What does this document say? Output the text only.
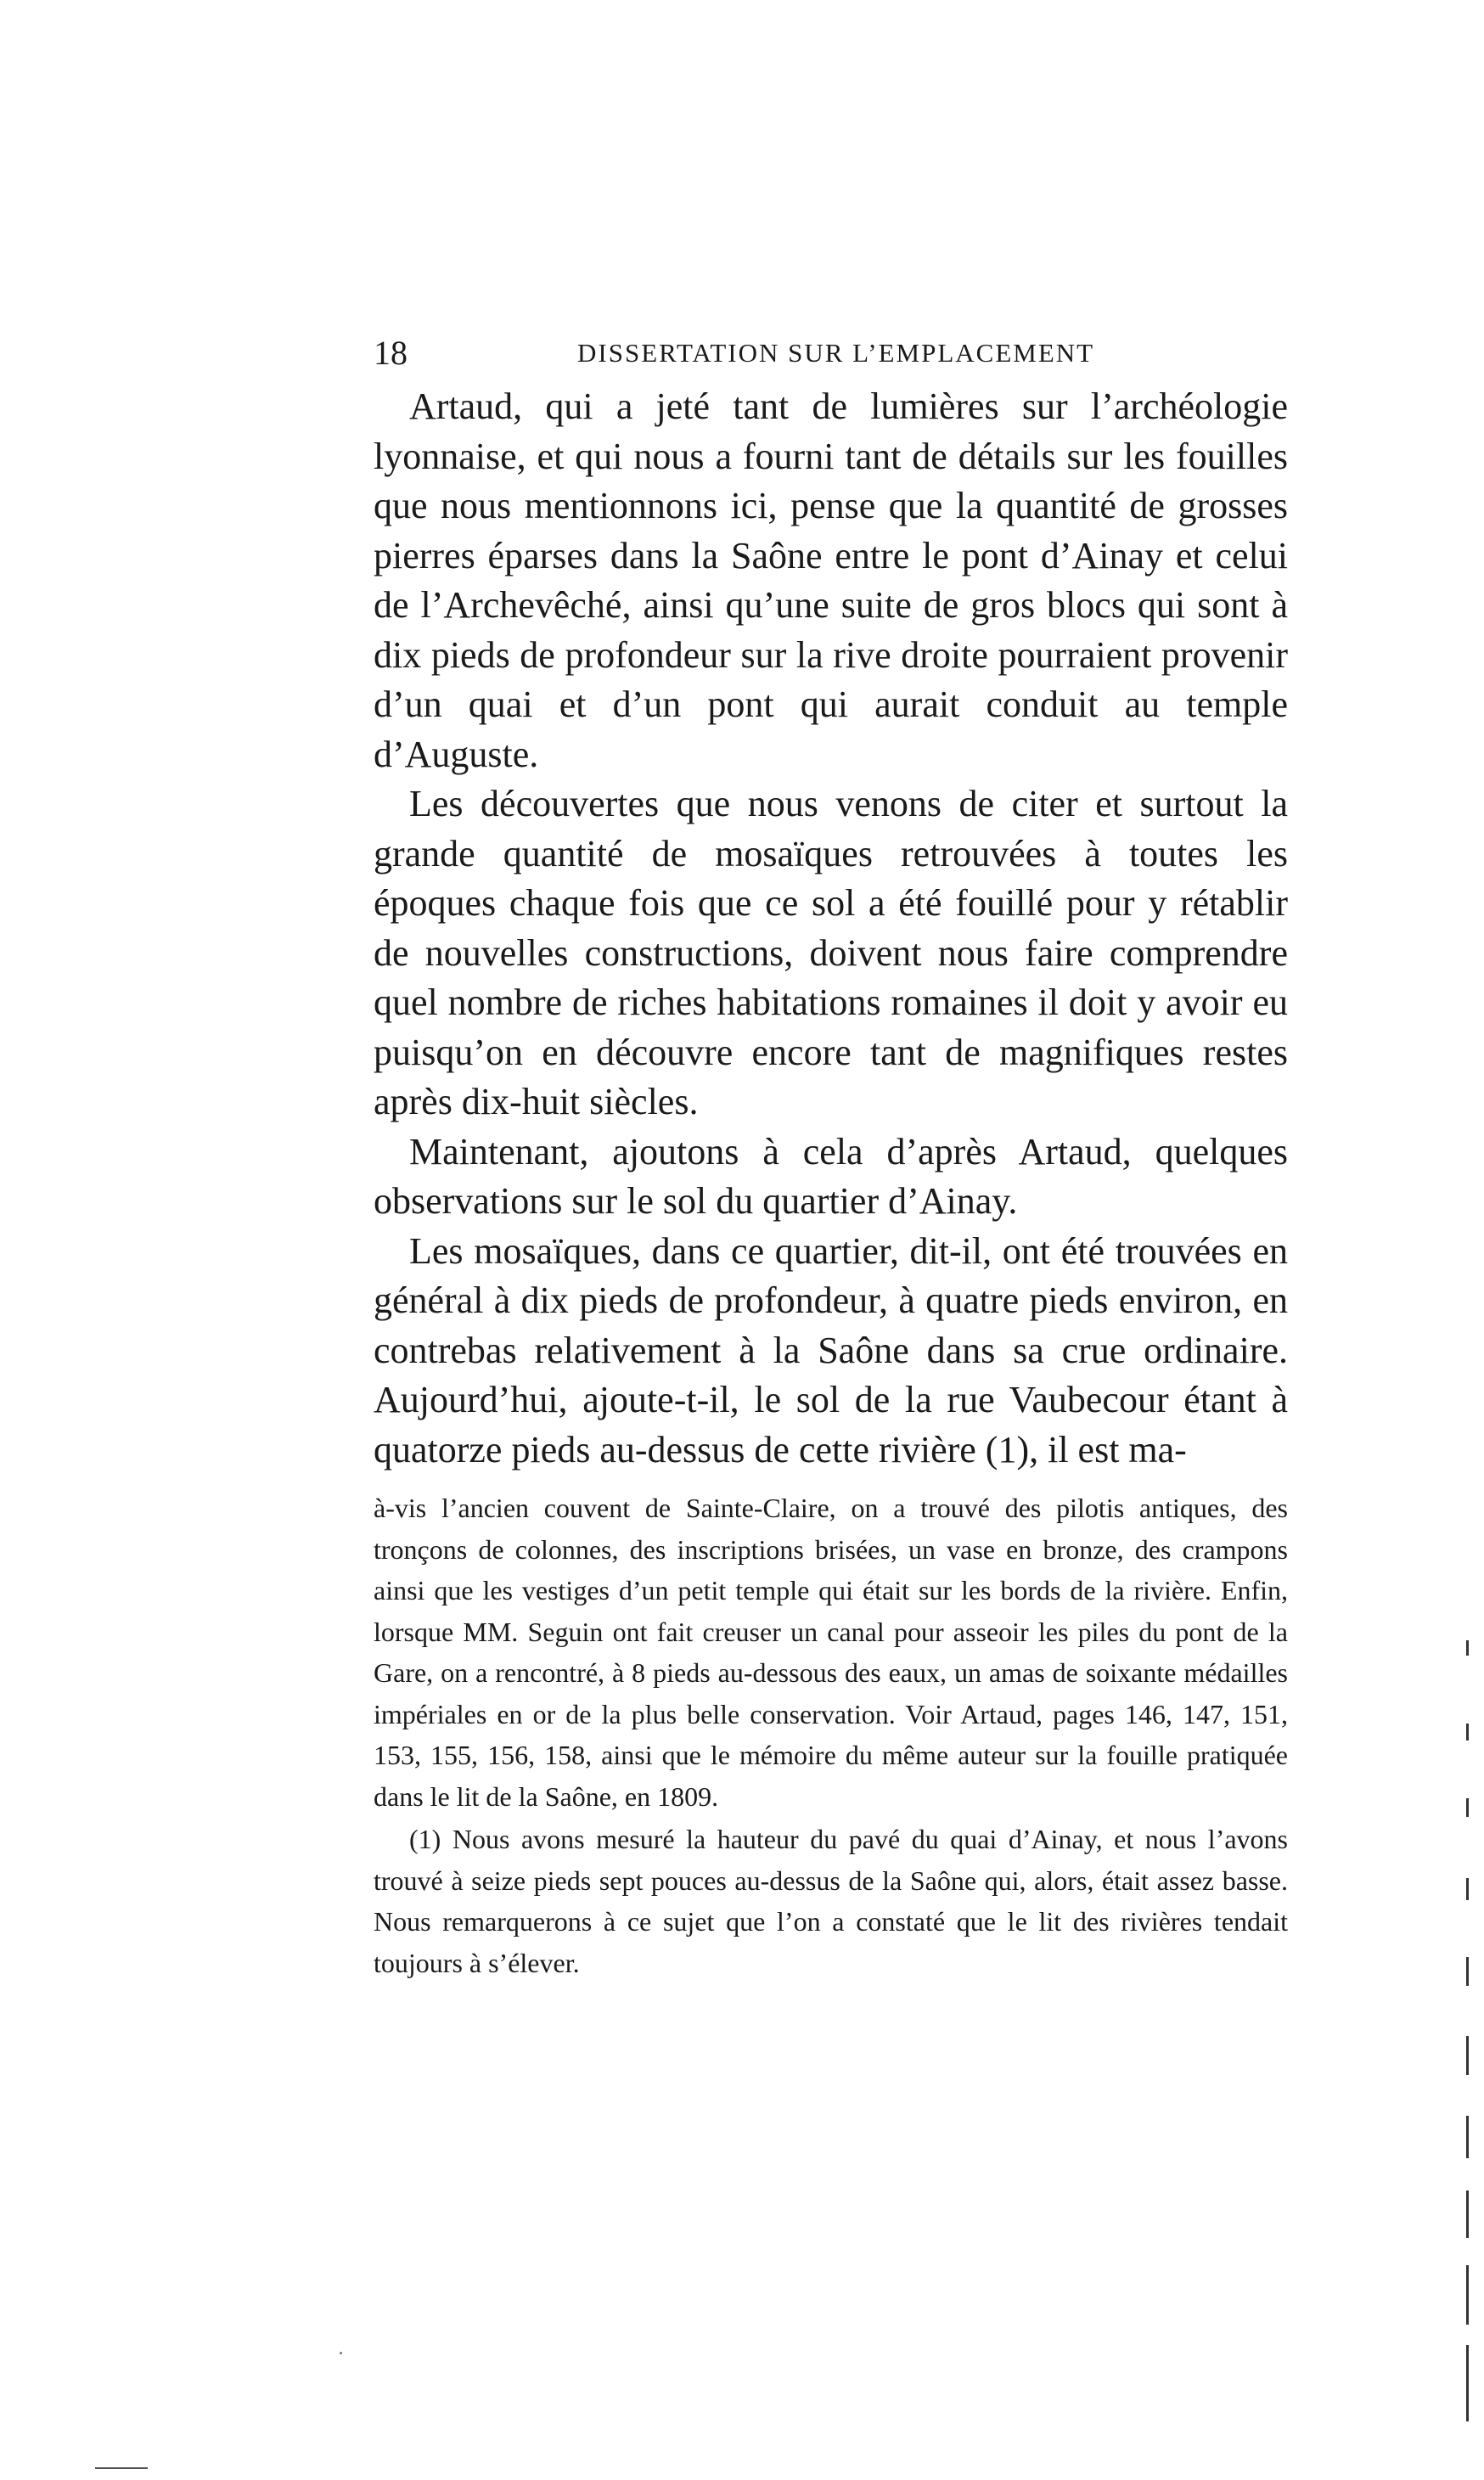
18	DISSERTATION SUR L’EMPLACEMENT

Artaud, qui a jeté tant de lumières sur l’archéologie lyonnaise, et qui nous a fourni tant de détails sur les fouilles que nous mentionnons ici, pense que la quantité de grosses pierres éparses dans la Saône entre le pont d’Ainay et celui de l’Archevêché, ainsi qu’une suite de gros blocs qui sont à dix pieds de profondeur sur la rive droite pourraient provenir d’un quai et d’un pont qui aurait conduit au temple d’Auguste.

Les découvertes que nous venons de citer et surtout la grande quantité de mosaïques retrouvées à toutes les époques chaque fois que ce sol a été fouillé pour y rétablir de nouvelles constructions, doivent nous faire comprendre quel nombre de riches habitations romaines il doit y avoir eu puisqu’on en découvre encore tant de magnifiques restes après dix-huit siècles.

Maintenant, ajoutons à cela d’après Artaud, quelques observations sur le sol du quartier d’Ainay.

Les mosaïques, dans ce quartier, dit-il, ont été trouvées en général à dix pieds de profondeur, à quatre pieds environ, en contrebas relativement à la Saône dans sa crue ordinaire. Aujourd’hui, ajoute-t-il, le sol de la rue Vaubecour étant à quatorze pieds au-dessus de cette rivière (1), il est ma-

à-vis l’ancien couvent de Sainte-Claire, on a trouvé des pilotis antiques, des tronçons de colonnes, des inscriptions brisées, un vase en bronze, des crampons ainsi que les vestiges d’un petit temple qui était sur les bords de la rivière. Enfin, lorsque MM. Seguin ont fait creuser un canal pour asseoir les piles du pont de la Gare, on a rencontré, à 8 pieds au-dessous des eaux, un amas de soixante médailles impériales en or de la plus belle conservation. Voir Artaud, pages 146, 147, 151, 153, 155, 156, 158, ainsi que le mémoire du même auteur sur la fouille pratiquée dans le lit de la Saône, en 1809.

(1) Nous avons mesuré la hauteur du pavé du quai d’Ainay, et nous l’avons trouvé à seize pieds sept pouces au-dessus de la Saône qui, alors, était assez basse. Nous remarquerons à ce sujet que l’on a constaté que le lit des rivières tendait toujours à s’élever.
